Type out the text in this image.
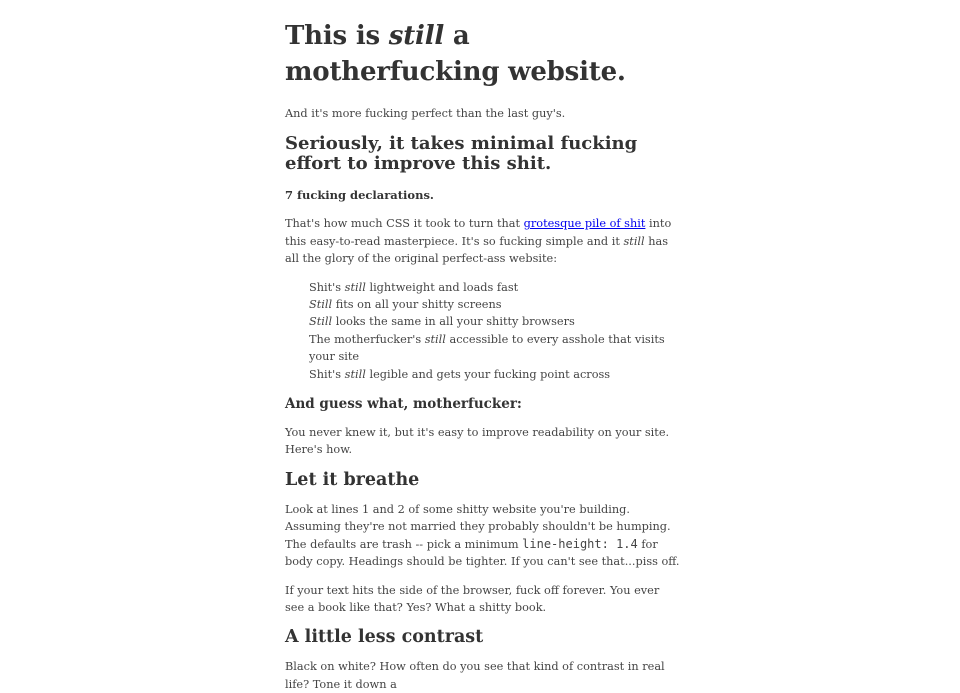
This is still a motherfucking website.

And it's more fucking perfect than the last guy's.

Seriously, it takes minimal fucking effort to improve this shit.
7 fucking declarations.

That's how much CSS it took to turn that grotesque pile of shit into this easy-to-read masterpiece. It's so fucking simple and it still has all the glory of the original perfect-ass website:

Shit's still lightweight and loads fast
Still fits on all your shitty screens
Still looks the same in all your shitty browsers
The motherfucker's still accessible to every asshole that visits your site
Shit's still legible and gets your fucking point across
And guess what, motherfucker:

You never knew it, but it's easy to improve readability on your site. Here's how.

Let it breathe

Look at lines 1 and 2 of some shitty website you're building. Assuming they're not married they probably shouldn't be humping. The defaults are trash -- pick a minimum line-height: 1.4 for body copy. Headings should be tighter. If you can't see that...piss off.

If your text hits the side of the browser, fuck off forever. You ever see a book like that? Yes? What a shitty book.

A little less contrast

Black on white? How often do you see that kind of contrast in real life? Tone it down a
